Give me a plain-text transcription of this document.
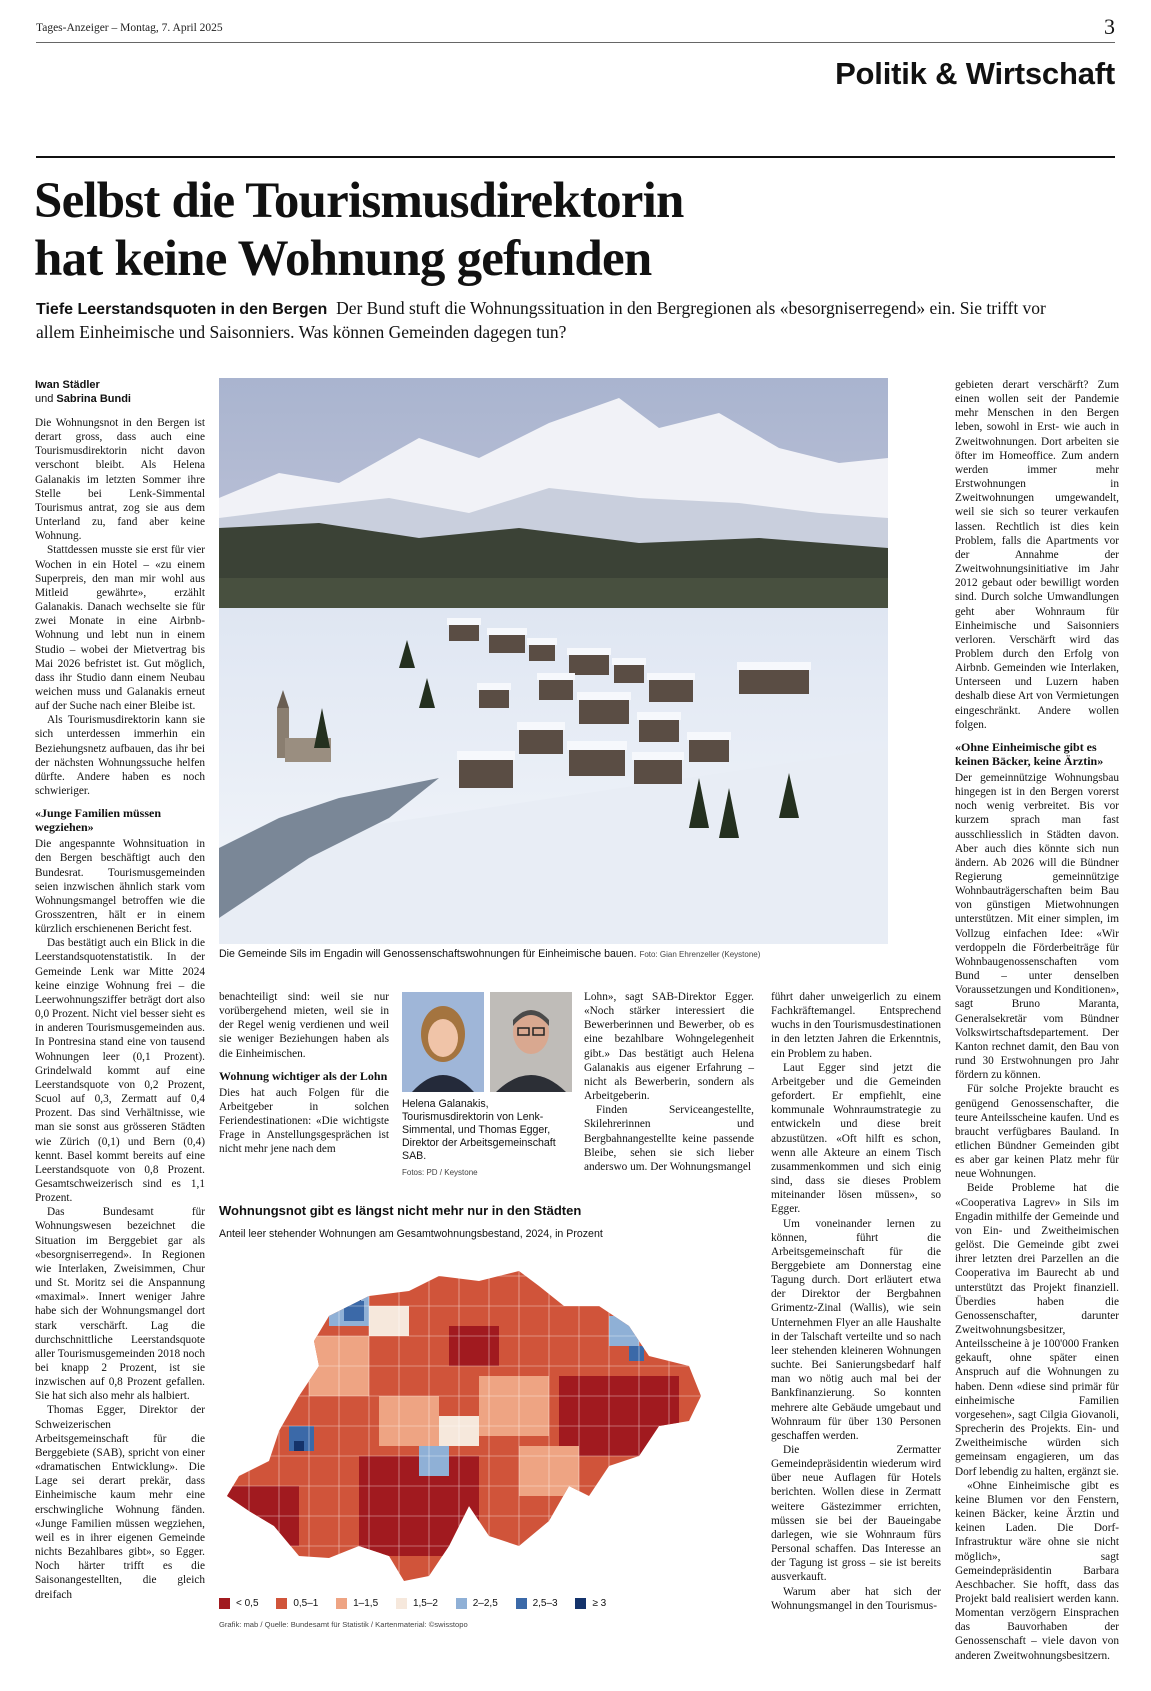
Tages-Anzeiger – Montag, 7. April 2025	3
Politik & Wirtschaft
Selbst die Tourismusdirektorin
hat keine Wohnung gefunden
Tiefe Leerstandsquoten in den Bergen Der Bund stuft die Wohnungssituation in den Bergregionen als «besorgniserregend» ein. Sie trifft vor allem Einheimische und Saisonniers. Was können Gemeinden dagegen tun?
Iwan Städler
und Sabrina Bundi

Die Wohnungsnot in den Bergen ist derart gross, dass auch eine Tourismusdirektorin nicht davon verschont bleibt. Als Helena Galanakis im letzten Sommer ihre Stelle bei Lenk-Simmental Tourismus antrat, zog sie aus dem Unterland zu, fand aber keine Wohnung.

Stattdessen musste sie erst für vier Wochen in ein Hotel – «zu einem Superpreis, den man mir wohl aus Mitleid gewährte», erzählt Galanakis. Danach wechselte sie für zwei Monate in eine Airbnb-Wohnung und lebt nun in einem Studio – wobei der Mietvertrag bis Mai 2026 befristet ist. Gut möglich, dass ihr Studio dann einem Neubau weichen muss und Galanakis erneut auf der Suche nach einer Bleibe ist.

Als Tourismusdirektorin kann sie sich unterdessen immerhin ein Beziehungsnetz aufbauen, das ihr bei der nächsten Wohnungssuche helfen dürfte. Andere haben es noch schwieriger.

«Junge Familien müssen wegziehen»

Die angespannte Wohnsituation in den Bergen beschäftigt auch den Bundesrat. Tourismusgemeinden seien inzwischen ähnlich stark vom Wohnungsmangel betroffen wie die Grosszentren, hält er in einem kürzlich erschienenen Bericht fest.

Das bestätigt auch ein Blick in die Leerstandsquotenstatistik. In der Gemeinde Lenk war Mitte 2024 keine einzige Wohnung frei – die Leerwohnungsziffer beträgt dort also 0,0 Prozent. Nicht viel besser sieht es in anderen Tourismusgemeinden aus. In Pontresina stand eine von tausend Wohnungen leer (0,1 Prozent). Grindelwald kommt auf eine Leerstandsquote von 0,2 Prozent, Scuol auf 0,3, Zermatt auf 0,4 Prozent. Das sind Verhältnisse, wie man sie sonst aus grösseren Städten wie Zürich (0,1) und Bern (0,4) kennt. Basel kommt bereits auf eine Leerstandsquote von 0,8 Prozent. Gesamtschweizerisch sind es 1,1 Prozent.

Das Bundesamt für Wohnungswesen bezeichnet die Situation im Berggebiet gar als «besorgniserregend». In Regionen wie Interlaken, Zweisimmen, Chur und St. Moritz sei die Anspannung «maximal». Innert weniger Jahre habe sich der Wohnungsmangel dort stark verschärft. Lag die durchschnittliche Leerstandsquote aller Tourismusgemeinden 2018 noch bei knapp 2 Prozent, ist sie inzwischen auf 0,8 Prozent gefallen. Sie hat sich also mehr als halbiert.

Thomas Egger, Direktor der Schweizerischen Arbeitsgemeinschaft für die Berggebiete (SAB), spricht von einer «dramatischen Entwicklung». Die Lage sei derart prekär, dass Einheimische kaum mehr eine erschwingliche Wohnung fänden. «Junge Familien müssen wegziehen, weil es in ihrer eigenen Gemeinde nichts Bezahlbares gibt», so Egger. Noch härter trifft es die Saisonangestellten, die gleich dreifach

Die Gemeinde Sils im Engadin will Genossenschaftswohnungen für Einheimische bauen. Foto: Gian Ehrenzeller (Keystone)

benachteiligt sind: weil sie nur vorübergehend mieten, weil sie in der Regel wenig verdienen und weil sie weniger Beziehungen haben als die Einheimischen.

Wohnung wichtiger als der Lohn

Dies hat auch Folgen für die Arbeitgeber in solchen Feriendestinationen: «Die wichtigste Frage in Anstellungsgesprächen ist nicht mehr jene nach dem

Helena Galanakis, Tourismusdirektorin von Lenk-Simmental, und Thomas Egger, Direktor der Arbeitsgemeinschaft SAB.
Fotos: PD / Keystone

Lohn», sagt SAB-Direktor Egger. «Noch stärker interessiert die Bewerberinnen und Bewerber, ob es eine bezahlbare Wohngelegenheit gibt.» Das bestätigt auch Helena Galanakis aus eigener Erfahrung – nicht als Bewerberin, sondern als Arbeitgeberin.

Finden Serviceangestellte, Skilehrerinnen und Bergbahnangestellte keine passende Bleibe, sehen sie sich lieber anderswo um. Der Wohnungsmangel

Wohnungsnot gibt es längst nicht mehr nur in den Städten
Anteil leer stehender Wohnungen am Gesamtwohnungsbestand, 2024, in Prozent
< 0,5	0,5–1	1–1,5	1,5–2	2–2,5	2,5–3	≥ 3
Grafik: mab / Quelle: Bundesamt für Statistik / Kartenmaterial: ©swisstopo

führt daher unweigerlich zu einem Fachkräftemangel. Entsprechend wuchs in den Tourismusdestinationen in den letzten Jahren die Erkenntnis, ein Problem zu haben.

Laut Egger sind jetzt die Arbeitgeber und die Gemeinden gefordert. Er empfiehlt, eine kommunale Wohnraumstrategie zu entwickeln und diese breit abzustützen. «Oft hilft es schon, wenn alle Akteure an einem Tisch zusammenkommen und sich einig sind, dass sie dieses Problem miteinander lösen müssen», so Egger.

Um voneinander lernen zu können, führt die Arbeitsgemeinschaft für die Berggebiete am Donnerstag eine Tagung durch. Dort erläutert etwa der Direktor der Bergbahnen Grimentz-Zinal (Wallis), wie sein Unternehmen Flyer an alle Haushalte in der Talschaft verteilte und so nach leer stehenden kleineren Wohnungen suchte. Bei Sanierungsbedarf half man wo nötig auch mal bei der Bankfinanzierung. So konnten mehrere alte Gebäude umgebaut und Wohnraum für über 130 Personen geschaffen werden.

Die Zermatter Gemeindepräsidentin wiederum wird über neue Auflagen für Hotels berichten. Wollen diese in Zermatt weitere Gästezimmer errichten, müssen sie bei der Baueingabe darlegen, wie sie Wohnraum fürs Personal schaffen. Das Interesse an der Tagung ist gross – sie ist bereits ausverkauft.

Warum aber hat sich der Wohnungsmangel in den Tourismus-

gebieten derart verschärft? Zum einen wollen seit der Pandemie mehr Menschen in den Bergen leben, sowohl in Erst- wie auch in Zweitwohnungen. Dort arbeiten sie öfter im Homeoffice. Zum andern werden immer mehr Erstwohnungen in Zweitwohnungen umgewandelt, weil sie sich so teurer verkaufen lassen. Rechtlich ist dies kein Problem, falls die Apartments vor der Annahme der Zweitwohnungsinitiative im Jahr 2012 gebaut oder bewilligt worden sind. Durch solche Umwandlungen geht aber Wohnraum für Einheimische und Saisonniers verloren. Verschärft wird das Problem durch den Erfolg von Airbnb. Gemeinden wie Interlaken, Unterseen und Luzern haben deshalb diese Art von Vermietungen eingeschränkt. Andere wollen folgen.

«Ohne Einheimische gibt es keinen Bäcker, keine Ärztin»

Der gemeinnützige Wohnungsbau hingegen ist in den Bergen vorerst noch wenig verbreitet. Bis vor kurzem sprach man fast ausschliesslich in Städten davon. Aber auch dies könnte sich nun ändern. Ab 2026 will die Bündner Regierung gemeinnützige Wohnbauträgerschaften beim Bau von günstigen Mietwohnungen unterstützen. Mit einer simplen, im Vollzug einfachen Idee: «Wir verdoppeln die Förderbeiträge für Wohnbaugenossenschaften vom Bund – unter denselben Voraussetzungen und Konditionen», sagt Bruno Maranta, Generalsekretär vom Bündner Volkswirtschaftsdepartement. Der Kanton rechnet damit, den Bau von rund 30 Erstwohnungen pro Jahr fördern zu können.

Für solche Projekte braucht es genügend Genossenschafter, die teure Anteilsscheine kaufen. Und es braucht verfügbares Bauland. In etlichen Bündner Gemeinden gibt es aber gar keinen Platz mehr für neue Wohnungen.

Beide Probleme hat die «Cooperativa Lagrev» in Sils im Engadin mithilfe der Gemeinde und von Ein- und Zweitheimischen gelöst. Die Gemeinde gibt zwei ihrer letzten drei Parzellen an die Cooperativa im Baurecht ab und unterstützt das Projekt finanziell. Überdies haben die Genossenschafter, darunter Zweitwohnungsbesitzer, Anteilsscheine à je 100'000 Franken gekauft, ohne später einen Anspruch auf die Wohnungen zu haben. Denn «diese sind primär für einheimische Familien vorgesehen», sagt Cilgia Giovanoli, Sprecherin des Projekts. Ein- und Zweitheimische würden sich gemeinsam engagieren, um das Dorf lebendig zu halten, ergänzt sie.

«Ohne Einheimische gibt es keine Blumen vor den Fenstern, keinen Bäcker, keine Ärztin und keinen Laden. Die Dorf-Infrastruktur wäre ohne sie nicht möglich», sagt Gemeindepräsidentin Barbara Aeschbacher. Sie hofft, dass das Projekt bald realisiert werden kann. Momentan verzögern Einsprachen das Bauvorhaben der Genossenschaft – viele davon von anderen Zweitwohnungsbesitzern.
